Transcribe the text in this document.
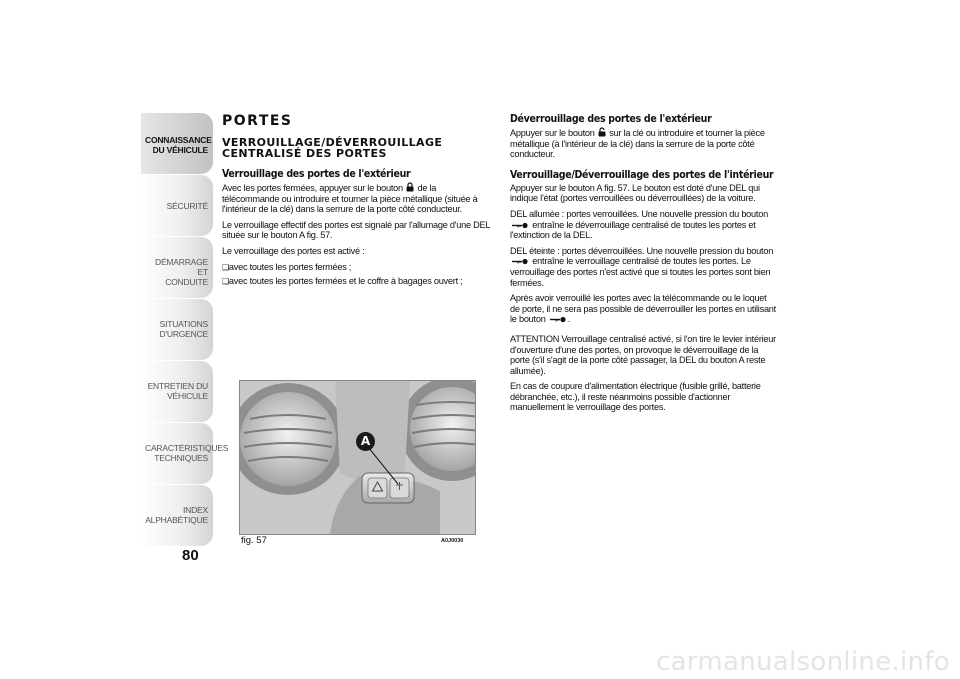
CONNAISSANCE
DU VÉHICULE
SÉCURITÉ
DÉMARRAGE ET
CONDUITE
SITUATIONS
D'URGENCE
ENTRETIEN DU
VÉHICULE
CARACTÉRISTIQUES
TECHNIQUES
INDEX
ALPHABÉTIQUE
80
PORTES
VERROUILLAGE/DÉVERROUILLAGE
CENTRALISÉ DES PORTES
Verrouillage des portes de l'extérieur

Avec les portes fermées, appuyer sur le bouton  de la télécommande ou introduire et tourner la pièce métallique (située à l'intérieur de la clé) dans la serrure de la porte côté conducteur.

Le verrouillage effectif des portes est signalé par l'allumage d'une DEL située sur le bouton A fig. 57.

Le verrouillage des portes est activé :

❑ avec toutes les portes fermées ;

❑ avec toutes les portes fermées et le coffre à bagages ouvert ;

A
fig. 57	A0J0030
Déverrouillage des portes de l'extérieur

Appuyer sur le bouton  sur la clé ou introduire et tourner la pièce métallique (à l'intérieur de la clé) dans la serrure de la porte côté conducteur.

Verrouillage/Déverrouillage des portes de l'intérieur

Appuyer sur le bouton A fig. 57. Le bouton est doté d'une DEL qui indique l'état (portes verrouillées ou déverrouillées) de la voiture.

DEL allumée : portes verrouillées. Une nouvelle pression du bouton  entraîne le déverrouillage centralisé de toutes les portes et l'extinction de la DEL.

DEL éteinte : portes déverrouillées. Une nouvelle pression du bouton  entraîne le verrouillage centralisé de toutes les portes. Le verrouillage des portes n'est activé que si toutes les portes sont bien fermées.

Après avoir verrouillé les portes avec la télécommande ou le loquet de porte, il ne sera pas possible de déverrouiller les portes en utilisant le bouton .

ATTENTION Verrouillage centralisé activé, si l'on tire le levier intérieur d'ouverture d'une des portes, on provoque le déverrouillage de la porte (s'il s'agit de la porte côté passager, la DEL du bouton A reste allumée).

En cas de coupure d'alimentation électrique (fusible grillé, batterie débranchée, etc.), il reste néanmoins possible d'actionner manuellement le verrouillage des portes.

carmanualsonline.info
